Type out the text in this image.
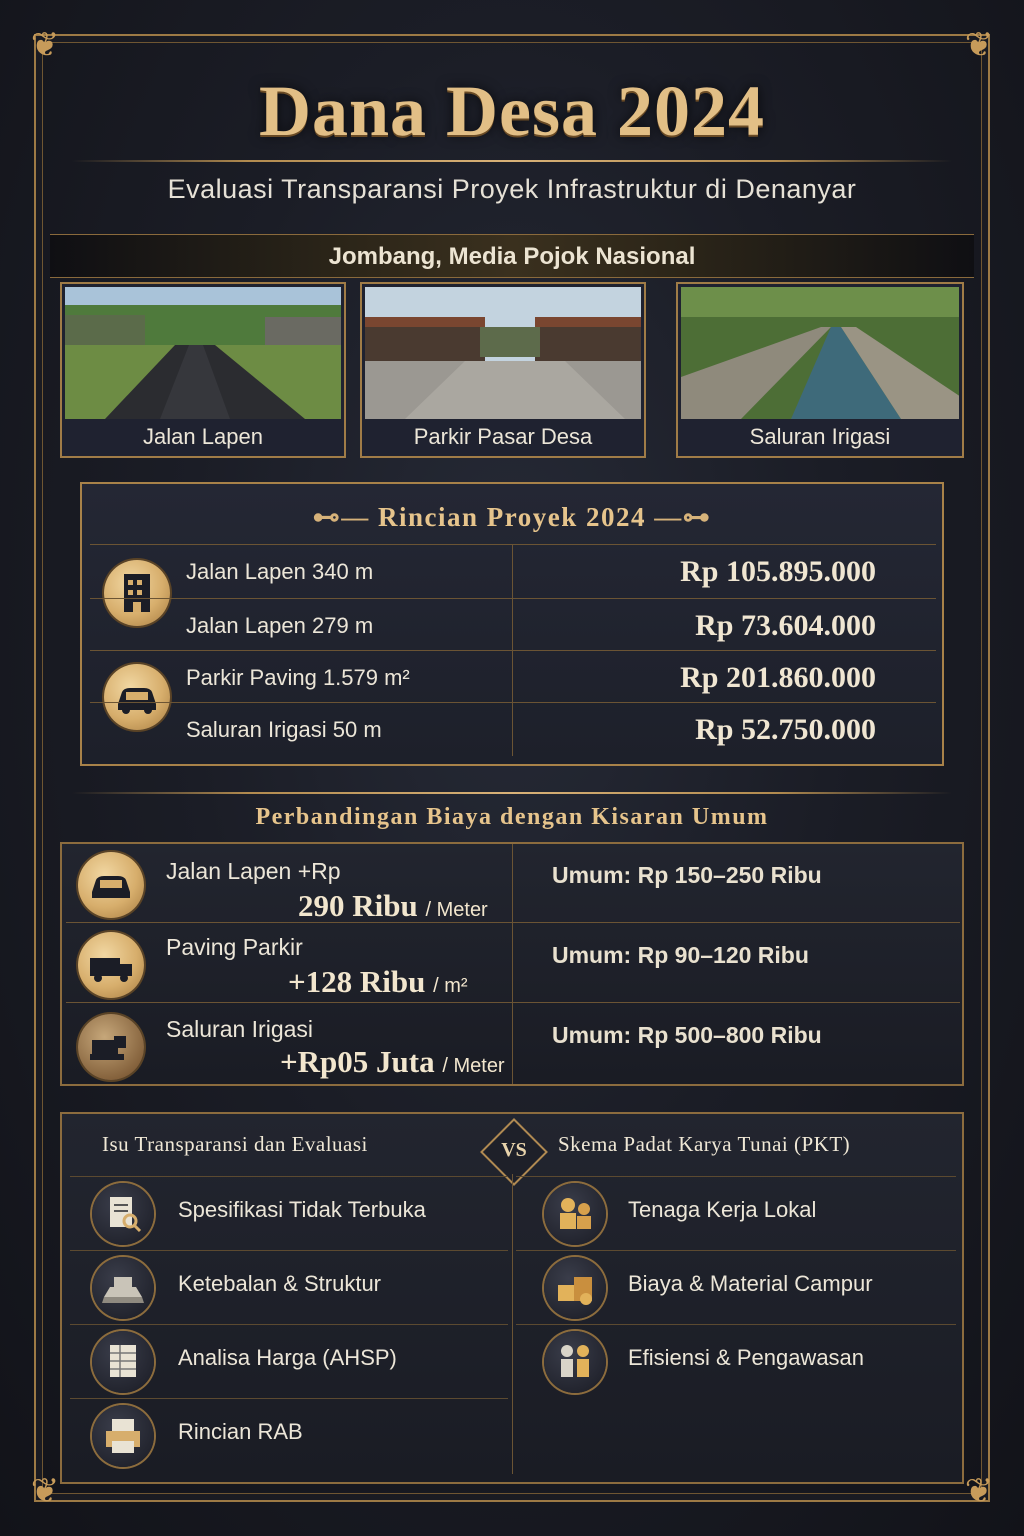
❦	❦
❦	❦
Dana Desa 2024
Evaluasi Transparansi Proyek Infrastruktur di Denanyar
Jombang, Media Pojok Nasional
Jalan Lapen	Parkir Pasar Desa	Saluran Irigasi
⊷— Rincian Proyek 2024 —⊶
Jalan Lapen 340 m	Rp 105.895.000
Jalan Lapen 279 m	Rp 73.604.000
Parkir Paving 1.579 m²	Rp 201.860.000
Saluran Irigasi 50 m	Rp 52.750.000
Perbandingan Biaya dengan Kisaran Umum
Jalan Lapen +Rp
290 Ribu / Meter
Umum: Rp 150–250 Ribu
Paving Parkir
+128 Ribu / m²
Umum: Rp 90–120 Ribu
Saluran Irigasi
+Rp05 Juta / Meter
Umum: Rp 500–800 Ribu
Isu Transparansi dan Evaluasi	VS	Skema Padat Karya Tunai (PKT)
Spesifikasi Tidak Terbuka
Ketebalan & Struktur
Analisa Harga (AHSP)
Rincian RAB
Tenaga Kerja Lokal
Biaya & Material Campur
Efisiensi & Pengawasan
